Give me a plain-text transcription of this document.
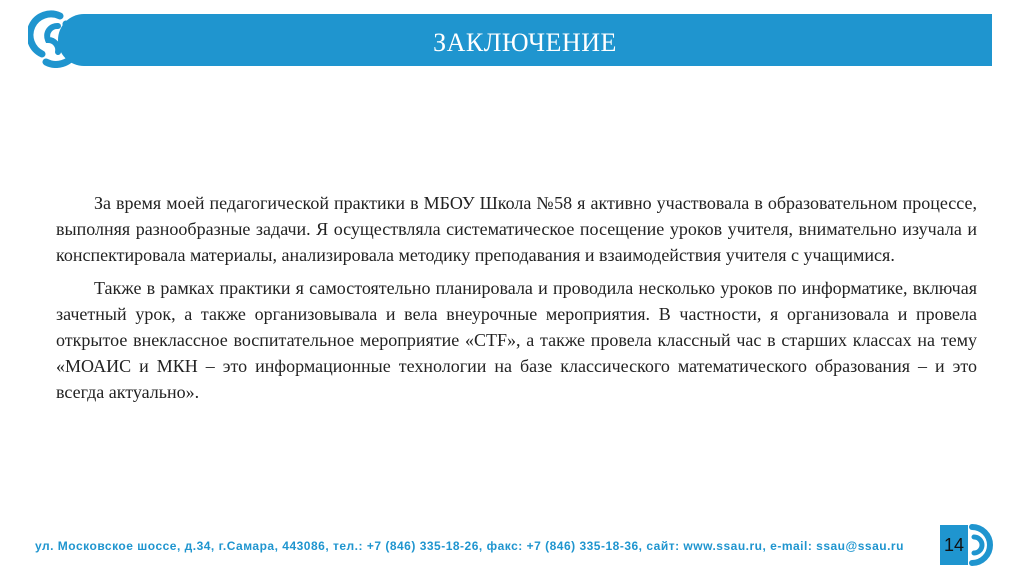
ЗАКЛЮЧЕНИЕ

За время моей педагогической практики в МБОУ Школа №58 я активно участвовала в образовательном процессе, выполняя разнообразные задачи. Я осуществляла систематическое посещение уроков учителя, внимательно изучала и конспектировала материалы, анализировала методику преподавания и взаимодействия учителя с учащимися.

Также в рамках практики я самостоятельно планировала и проводила несколько уроков по информатике, включая зачетный урок, а также организовывала и вела внеурочные мероприятия. В частности, я организовала и провела открытое внеклассное воспитательное мероприятие «CTF», а также провела классный час в старших классах на тему «МОАИС и МКН – это информационные технологии на базе классического математического образования – и это всегда актуально».

ул. Московское шоссе, д.34, г.Самара, 443086, тел.: +7 (846) 335-18-26, факс: +7 (846) 335-18-36, сайт: www.ssau.ru, e-mail: ssau@ssau.ru 14
